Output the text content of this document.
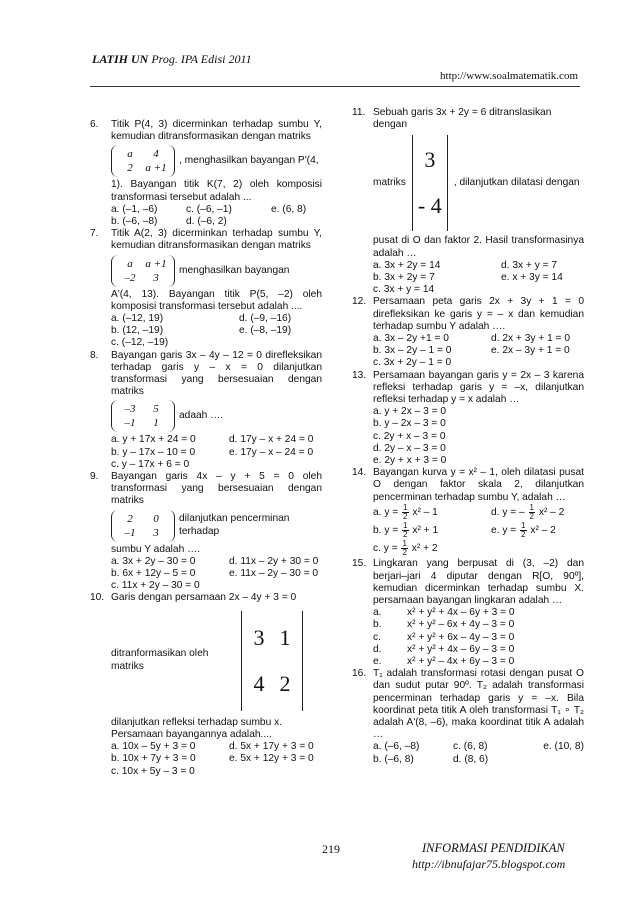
LATIH UN Prog. IPA Edisi 2011
http://www.soalmatematik.com
6. Titik P(4, 3) dicerminkan terhadap sumbu Y, kemudian ditransformasikan dengan matriks
a	4
2	a +1
, menghasilkan bayangan P'(4,
1). Bayangan titik K(7, 2) oleh komposisi transformasi tersebut adalah ...
a. (–1, –6)	c. (–6, –1)	e. (6, 8)
b. (–6, –8)	d. (–6, 2)
7. Titik A(2, 3) dicerminkan terhadap sumbu Y, kemudian ditransformasikan dengan matriks
a	a +1
–2	3
menghasilkan bayangan
A'(4, 13). Bayangan titik P(5, –2) oleh komposisi transformasi tersebut adalah ....
a. (–12, 19)	d. (–9, –16)
b. (12, –19)	e. (–8, –19)
c. (–12, –19)
8. Bayangan garis 3x – 4y – 12 = 0 direfleksikan terhadap garis y – x = 0 dilanjutkan transformasi yang bersesuaian dengan matriks
–3	5
–1	1
adaah ….
a. y + 17x + 24 = 0	d. 17y – x + 24 = 0
b. y – 17x – 10 = 0	e. 17y – x – 24 = 0
c. y – 17x + 6 = 0
9. Bayangan garis 4x – y + 5 = 0 oleh transformasi yang bersesuaian dengan matriks
2	0
–1	3
dilanjutkan pencerminan terhadap
sumbu Y adalah ….
a. 3x + 2y – 30 = 0	d. 11x – 2y + 30 = 0
b. 6x + 12y – 5 = 0	e. 11x – 2y – 30 = 0
c. 11x + 2y – 30 = 0
10. Garis dengan persamaan 2x – 4y + 3 = 0
ditranformasikan oleh matriks
3 1
4 2
dilanjutkan refleksi terhadap sumbu x.
Persamaan bayangannya adalah....
a. 10x – 5y + 3 = 0	d. 5x + 17y + 3 = 0
b. 10x + 7y + 3 = 0	e. 5x + 12y + 3 = 0
c. 10x + 5y – 3 = 0
11. Sebuah garis 3x + 2y = 6 ditranslasikan dengan
matriks
3
- 4
, dilanjutkan dilatasi dengan
pusat di O dan faktor 2. Hasil transformasinya adalah …
a. 3x + 2y = 14	d. 3x + y = 7
b. 3x + 2y = 7	e. x + 3y = 14
c. 3x + y = 14
12. Persamaan peta garis 2x + 3y + 1 = 0 direfleksikan ke garis y = – x dan kemudian terhadap sumbu Y adalah ….
a. 3x – 2y +1 = 0	d. 2x + 3y + 1 = 0
b. 3x – 2y – 1 = 0	e. 2x – 3y + 1 = 0
c. 3x + 2y – 1 = 0
13. Persamaan bayangan garis y = 2x – 3 karena refleksi terhadap garis y = –x, dilanjutkan refleksi terhadap y = x adalah …
a. y + 2x – 3 = 0
b. y – 2x – 3 = 0
c. 2y + x – 3 = 0
d. 2y – x – 3 = 0
e. 2y + x + 3 = 0
14. Bayangan kurva y = x² – 1, oleh dilatasi pusat O dengan faktor skala 2, dilanjutkan pencerminan terhadap sumbu Y, adalah …
a. $y = \frac{1}{2} x^2 - 1$	d. y = – $\frac{1}{2} x^2 - 2$
b. $y = \frac{1}{2} x^2 + 1$	e. $y = \frac{1}{2} x^2 - 2$
c. $y = \frac{1}{2} x^2 + 2$
15. Lingkaran yang berpusat di (3, –2) dan berjari–jari 4 diputar dengan R[O, 90º], kemudian dicerminkan terhadap sumbu X. persamaan bayangan lingkaran adalah …
a.	x² + y² + 4x – 6y + 3 = 0
b.	x² + y² – 6x + 4y – 3 = 0
c.	x² + y² + 6x – 4y – 3 = 0
d.	x² + y² + 4x – 6y – 3 = 0
e.	x² + y² – 4x + 6y – 3 = 0
16. T₁ adalah transformasi rotasi dengan pusat O dan sudut putar 90º. T₂ adalah transformasi pencerminan terhadap garis y = –x. Bila koordinat peta titik A oleh transformasi T₁ ∘ T₂ adalah A'(8, –6), maka koordinat titik A adalah …
a. (–6, –8)	c. (6, 8)	e. (10, 8)
b. (–6, 8)	d. (8, 6)
219	INFORMASI PENDIDIKAN
http://ibnufajar75.blogspot.com
